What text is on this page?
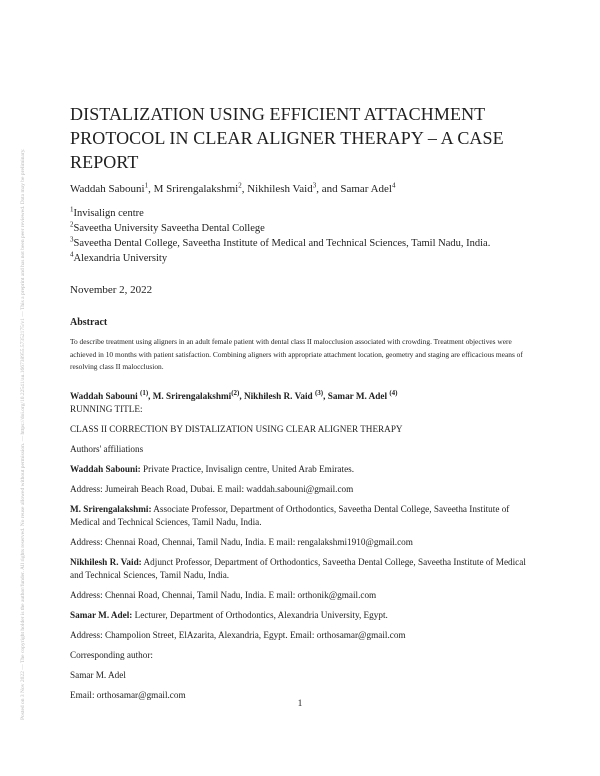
Posted on 3 Nov 2022 — The copyright holder is the author/funder. All rights reserved. No reuse allowed without permission. — https://doi.org/10.22541/au.166738955.57352175/v1 — This a preprint and has not been peer reviewed. Data may be preliminary.
DISTALIZATION USING EFFICIENT ATTACHMENT PROTOCOL IN CLEAR ALIGNER THERAPY – A CASE REPORT
Waddah Sabouni$^1$, M Srirengalakshmi$^2$, Nikhilesh Vaid$^3$, and Samar Adel$^4$
$^1$Invisalign centre
$^2$Saveetha University Saveetha Dental College
$^3$Saveetha Dental College, Saveetha Institute of Medical and Technical Sciences, Tamil Nadu, India.
$^4$Alexandria University
November 2, 2022
Abstract
To describe treatment using aligners in an adult female patient with dental class II malocclusion associated with crowding. Treatment objectives were achieved in 10 months with patient satisfaction. Combining aligners with appropriate attachment location, geometry and staging are efficacious means of resolving class II malocclusion.

Waddah Sabouni $^{(1)}$, M. Srirengalakshmi$^{(2)}$, Nikhilesh R. Vaid $^{(3)}$, Samar M. Adel $^{(4)}$

RUNNING TITLE:

CLASS II CORRECTION BY DISTALIZATION USING CLEAR ALIGNER THERAPY

Authors' affiliations

Waddah Sabouni: Private Practice, Invisalign centre, United Arab Emirates.

Address: Jumeirah Beach Road, Dubai. E mail: waddah.sabouni@gmail.com

M. Srirengalakshmi: Associate Professor, Department of Orthodontics, Saveetha Dental College, Saveetha Institute of Medical and Technical Sciences, Tamil Nadu, India.

Address: Chennai Road, Chennai, Tamil Nadu, India. E mail: rengalakshmi1910@gmail.com

Nikhilesh R. Vaid: Adjunct Professor, Department of Orthodontics, Saveetha Dental College, Saveetha Institute of Medical and Technical Sciences, Tamil Nadu, India.

Address: Chennai Road, Chennai, Tamil Nadu, India. E mail: orthonik@gmail.com

Samar M. Adel: Lecturer, Department of Orthodontics, Alexandria University, Egypt.

Address: Champolion Street, ElAzarita, Alexandria, Egypt. Email: orthosamar@gmail.com

Corresponding author:

Samar M. Adel

Email: orthosamar@gmail.com

1
